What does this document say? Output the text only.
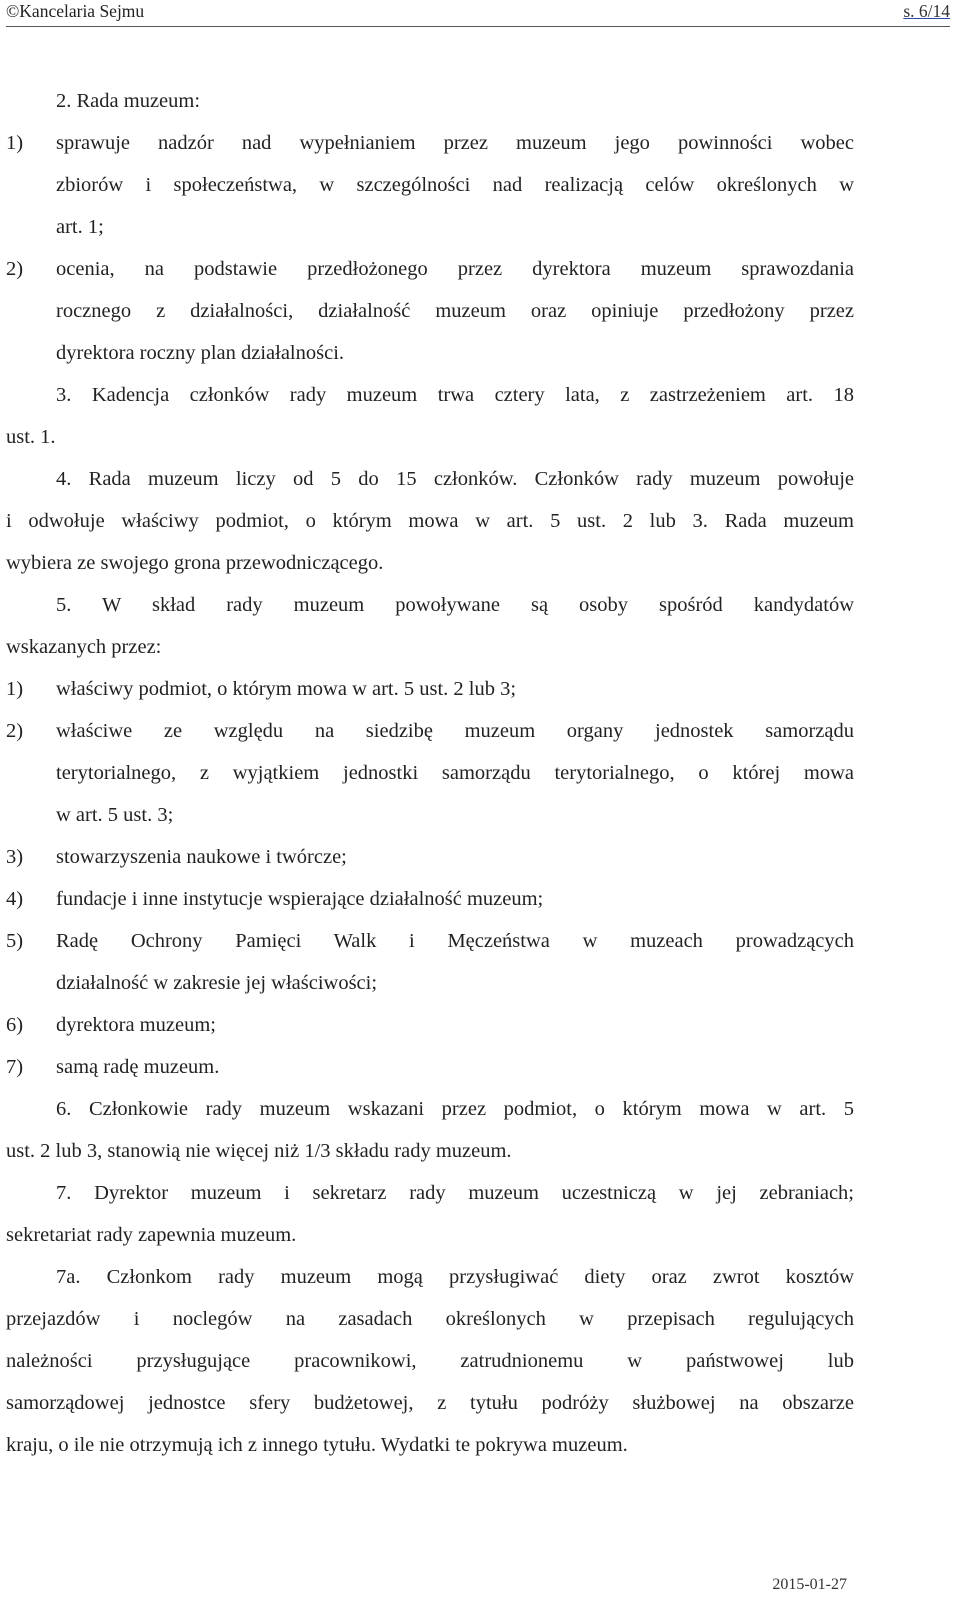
©Kancelaria Sejmu	s. 6/14
2. Rada muzeum:
1)	sprawuje nadzór nad wypełnianiem przez muzeum jego powinności wobec
zbiorów i społeczeństwa, w szczególności nad realizacją celów określonych w
art. 1;
2)	ocenia, na podstawie przedłożonego przez dyrektora muzeum sprawozdania
rocznego z działalności, działalność muzeum oraz opiniuje przedłożony przez
dyrektora roczny plan działalności.
3. Kadencja członków rady muzeum trwa cztery lata, z zastrzeżeniem art. 18
ust. 1.
4. Rada muzeum liczy od 5 do 15 członków. Członków rady muzeum powołuje
i odwołuje właściwy podmiot, o którym mowa w art. 5 ust. 2 lub 3. Rada muzeum
wybiera ze swojego grona przewodniczącego.
5. W skład rady muzeum powoływane są osoby spośród kandydatów
wskazanych przez:
1)	właściwy podmiot, o którym mowa w art. 5 ust. 2 lub 3;
2)	właściwe ze względu na siedzibę muzeum organy jednostek samorządu
terytorialnego, z wyjątkiem jednostki samorządu terytorialnego, o której mowa
w art. 5 ust. 3;
3)	stowarzyszenia naukowe i twórcze;
4)	fundacje i inne instytucje wspierające działalność muzeum;
5)	Radę Ochrony Pamięci Walk i Męczeństwa w muzeach prowadzących
działalność w zakresie jej właściwości;
6)	dyrektora muzeum;
7)	samą radę muzeum.
6. Członkowie rady muzeum wskazani przez podmiot, o którym mowa w art. 5
ust. 2 lub 3, stanowią nie więcej niż 1/3 składu rady muzeum.
7. Dyrektor muzeum i sekretarz rady muzeum uczestniczą w jej zebraniach;
sekretariat rady zapewnia muzeum.
7a. Członkom rady muzeum mogą przysługiwać diety oraz zwrot kosztów
przejazdów i noclegów na zasadach określonych w przepisach regulujących
należności przysługujące pracownikowi, zatrudnionemu w państwowej lub
samorządowej jednostce sfery budżetowej, z tytułu podróży służbowej na obszarze
kraju, o ile nie otrzymują ich z innego tytułu. Wydatki te pokrywa muzeum.
2015-01-27
